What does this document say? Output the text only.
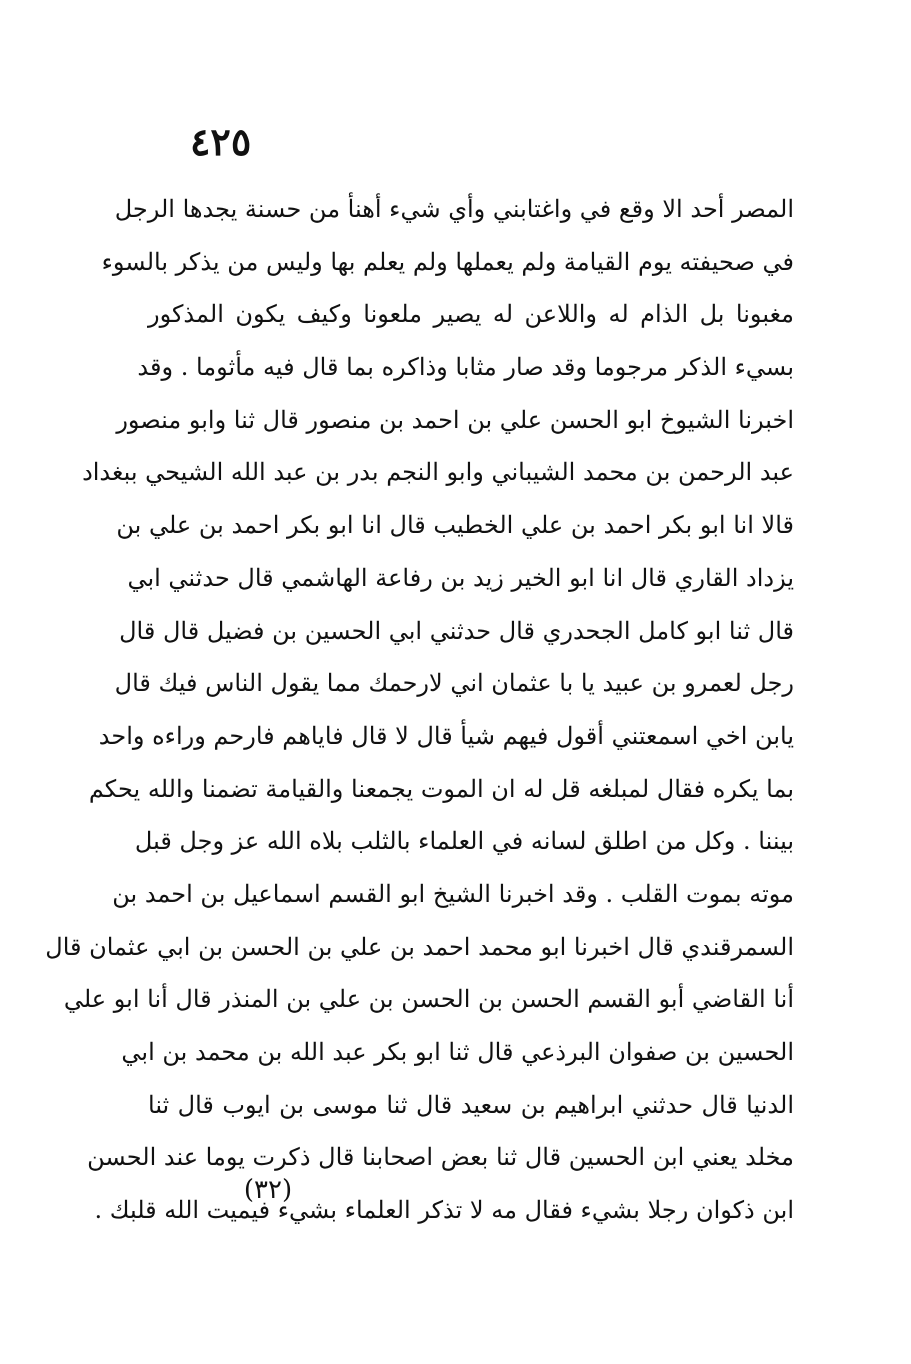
٤٢٥
المصر أحد الا وقع في واغتابني وأي شيء أهنأ من حسنة يجدها الرجل
في صحيفته يوم القيامة ولم يعملها ولم يعلم بها وليس من يذكر بالسوء
مغبونا بل الذام له واللاعن له يصير ملعونا وكيف يكون المذكور
بسيء الذكر مرجوما وقد صار مثابا وذاكره بما قال فيه مأثوما . وقد
اخبرنا الشيوخ ابو الحسن علي بن احمد بن منصور قال ثنا وابو منصور
عبد الرحمن بن محمد الشيباني وابو النجم بدر بن عبد الله الشيحي ببغداد
قالا انا ابو بكر احمد بن علي الخطيب قال انا ابو بكر احمد بن علي بن
يزداد القاري قال انا ابو الخير زيد بن رفاعة الهاشمي قال حدثني ابي
قال ثنا ابو كامل الجحدري قال حدثني ابي الحسين بن فضيل قال قال
رجل لعمرو بن عبيد يا با عثمان اني لارحمك مما يقول الناس فيك قال
يابن اخي اسمعتني أقول فيهم شيأ قال لا قال فاياهم فارحم وراءه واحد
بما يكره فقال لمبلغه قل له ان الموت يجمعنا والقيامة تضمنا والله يحكم
بيننا . وكل من اطلق لسانه في العلماء بالثلب بلاه الله عز وجل قبل
موته بموت القلب . وقد اخبرنا الشيخ ابو القسم اسماعيل بن احمد بن
السمرقندي قال اخبرنا ابو محمد احمد بن علي بن الحسن بن ابي عثمان قال
أنا القاضي أبو القسم الحسن بن الحسن بن علي بن المنذر قال أنا ابو علي
الحسين بن صفوان البرذعي قال ثنا ابو بكر عبد الله بن محمد بن ابي
الدنيا قال حدثني ابراهيم بن سعيد قال ثنا موسى بن ايوب قال ثنا
مخلد يعني ابن الحسين قال ثنا بعض اصحابنا قال ذكرت يوما عند الحسن
ابن ذكوان رجلا بشيء فقال مه لا تذكر العلماء بشيء فيميت الله قلبك .
(٣٢)
